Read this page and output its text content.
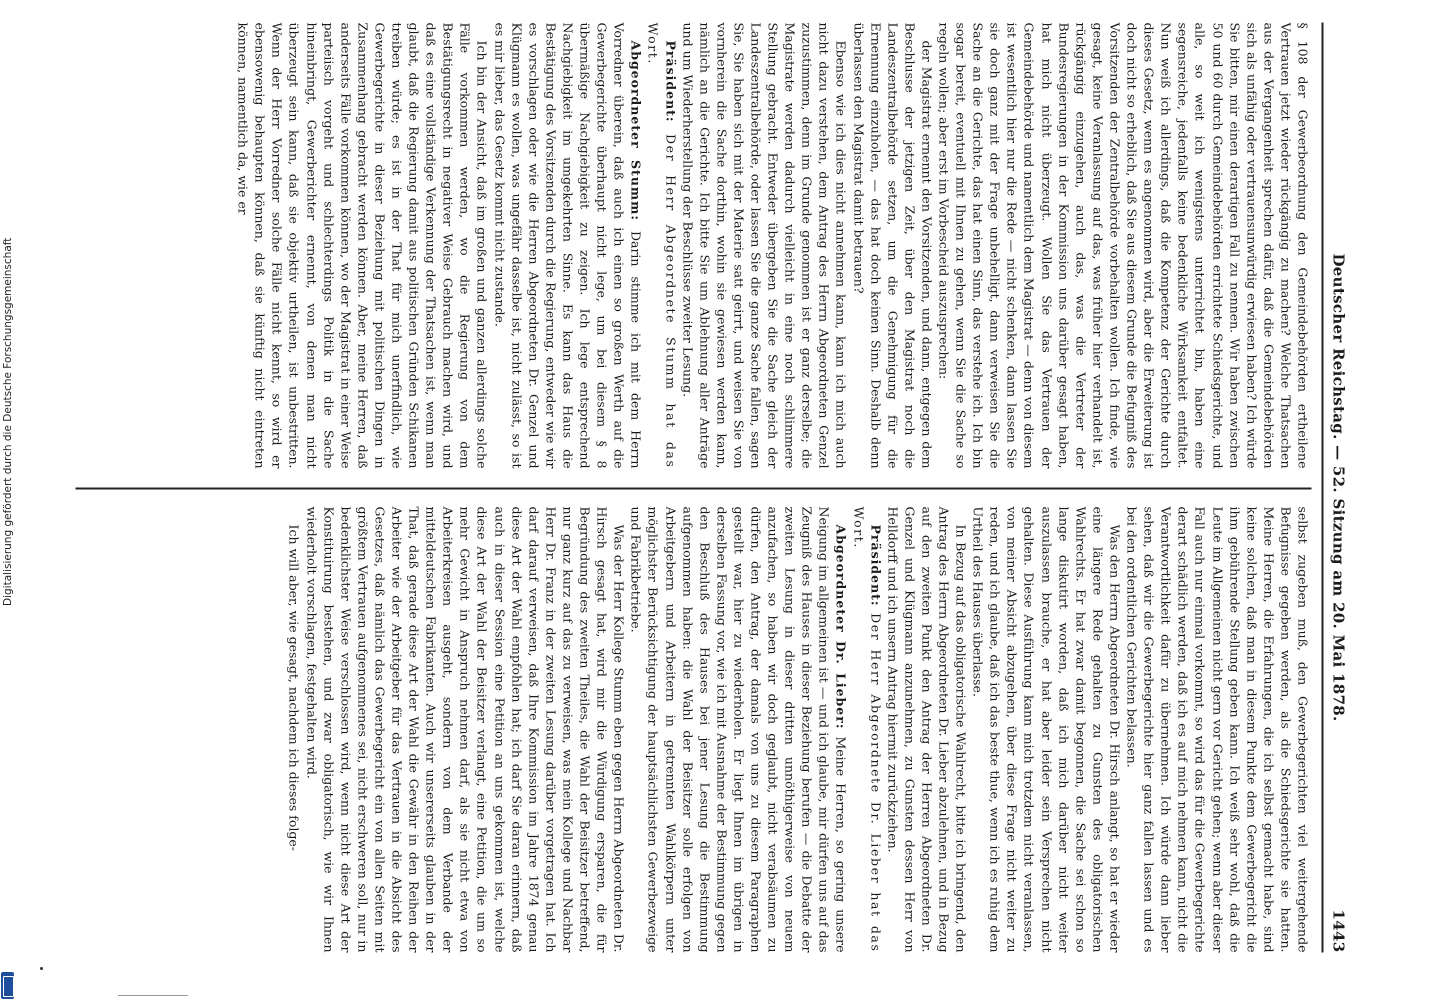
Digitalisierung gefördert durch die Deutsche Forschungsgemeinschaft	Deutscher Reichstag. — 52. Sitzung am 20. Mai 1878.
1443

§ 108 der Gewerbeordnung den Gemeindebehörden ertheilene Vertrauen jetzt wieder rückgängig zu machen? Welche Thatsachen aus der Vergangenheit sprechen dafür, daß die Gemeindebehörden sich als unfähig oder vertrauensunwürdig erwiesen haben? Ich würde Sie bitten, mir einen derartigen Fall zu nennen. Wir haben zwischen 50 und 60 durch Gemeindebehörden errichtete Schiedsgerichte, und alle, so weit ich wenigstens unterrichtet bin, haben eine segensreiche, jedenfalls keine bedenkliche Wirksamkeit entfaltet. Nun weiß ich allerdings, daß die Kompetenz der Gerichte durch dieses Gesetz, wenn es angenommen wird, aber die Erweiterung ist doch nicht so erheblich, daß Sie aus diesem Grunde die Befugniß des Vorsitzenden der Zentralbehörde vorbehalten wollen. Ich finde, wie gesagt, keine Veranlassung auf das, was früher hier verhandelt ist, rückgängig einzugehen, auch das, was die Vertreter der Bundesregierungen in der Kommission uns darüber gesagt haben, hat mich nicht überzeugt. Wollen Sie das Vertrauen der Gemeindebehörde und namentlich dem Magistrat — denn von diesem ist wesentlich hier nur die Rede — nicht schenken, dann lassen Sie sie doch ganz mit der Frage unbehelligt, dann verweisen Sie die Sache an die Gerichte, das hat einen Sinn, das verstehe ich. Ich bin sogar bereit, eventuell mit Ihnen zu gehen, wenn Sie die Sache so regeln wollen; aber erst im Vorbescheid auszusprechen:

der Magistrat ernennt den Vorsitzenden, und dann, entgegen dem Beschlusse der jetzigen Zeit, über den Magistrat noch die Landeszentralbehörde setzen, um die Genehmigung für die Ernennung einzuholen, — das hat doch keinen Sinn. Deshalb denn überlassen den Magistrat damit betrauen?

Ebenso wie ich dies nicht annehmen kann, kann ich mich auch nicht dazu verstehen, dem Antrag des Herrn Abgeordneten Genzel zuzustimmen, denn im Grunde genommen ist er ganz derselbe; die Magistrate werden dadurch vielleicht in eine noch schlimmere Stellung gebracht. Entweder übergeben Sie die Sache gleich der Landeszentralbehörde, oder lassen Sie die ganze Sache fallen, sagen Sie, Sie haben sich mit der Materie satt geirrt, und weisen Sie von vornherein die Sache dorthin, wohin sie gewiesen werden kann, nämlich an die Gerichte. Ich bitte Sie um Ablehnung aller Anträge und um Wiederherstellung der Beschlüsse zweiter Lesung.

Präsident: Der Herr Abgeordnete Stumm hat das Wort.

Abgeordneter Stumm: Darin stimme ich mit dem Herrn Vorredner überein, daß auch ich einen so großen Werth auf die Gewerbegerichte überhaupt nicht lege, um bei diesem § 8 übermäßige Nachgiebigkeit zu zeigen. Ich lege entsprechend Nachgiebigkeit im umgekehrten Sinne. Es kann das Haus die Bestätigung des Vorsitzenden durch die Regierung, entweder wie wir es vorschlagen oder wie die Herren Abgeordneten Dr. Genzel und Klügmann es wollen, was ungefähr dasselbe ist, nicht zulässt, so ist es mir lieber, das Gesetz kommt nicht zustande.

Ich bin der Ansicht, daß im großen und ganzen allerdings solche Fälle vorkommen werden, wo die Regierung von dem Bestätigungsrecht in negativer Weise Gebrauch machen wird, und daß es eine vollständige Verkennung der Thatsachen ist, wenn man glaubt, daß die Regierung damit aus politischen Gründen Schikanen treiben würde; es ist in der That für mich unerfindlich, wie Gewerbegerichte in dieser Beziehung mit politischen Dingen in Zusammenhang gebracht werden können. Aber, meine Herren, daß anderseits Fälle vorkommen können, wo der Magistrat in einer Weise parteiisch vorgeht und schlechterdings Politik in die Sache hineinbringt, Gewerberichter ernennt, von denen man nicht überzeugt sein kann, daß sie objektiv urtheilen, ist unbestritten. Wenn der Herr Vorredner solche Fälle nicht kennt, so wird er ebensowenig behaupten können, daß sie künftig nicht eintreten können, namentlich da, wie er

selbst zugeben muß, den Gewerbegerichten viel weitergehende Befugnisse gegeben werden, als die Schiedsgerichte sie hatten. Meine Herren, die Erfahrungen, die ich selbst gemacht habe, sind keine solchen, daß man in diesem Punkte dem Gewerbegericht die ihm gebührende Stellung geben kann. Ich weiß sehr wohl, daß die Leute im Allgemeinen nicht gern vor Gericht gehen; wenn aber dieser Fall auch nur einmal vorkommt, so wird das für die Gewerbegerichte derart schädlich werden, daß ich es auf mich nehmen kann, nicht die Verantwortlichkeit dafür zu übernehmen. Ich würde dann lieber sehen, daß wir die Gewerbegerichte hier ganz fallen lassen und es bei den ordentlichen Gerichten belassen.

Was den Herrn Abgeordneten Dr. Hirsch anlangt, so hat er wieder eine längere Rede gehalten zu Gunsten des obligatorischen Wahlrechts. Er hat zwar damit begonnen, die Sache sei schon so lange diskutirt worden, daß ich mich darüber nicht weiter auszulassen brauche, er hat aber leider sein Versprechen nicht gehalten. Diese Ausführung kann mich trotzdem nicht veranlassen, von meiner Absicht abzugehen, über diese Frage nicht weiter zu reden, und ich glaube, daß ich das beste thue, wenn ich es ruhig dem Urtheil des Hauses überlasse.

In Bezug auf das obligatorische Wahlrecht, bitte ich bringend, den Antrag des Herrn Abgeordneten Dr. Lieber abzulehnen, und in Bezug auf den zweiten Punkt den Antrag der Herren Abgeordneten Dr. Genzel und Klügmann anzunehmen, zu Gunsten dessen Herr von Helldorff und ich unsern Antrag hiermit zurückziehen.

Präsident: Der Herr Abgeordnete Dr. Lieber hat das Wort.

Abgeordneter Dr. Lieber: Meine Herren, so gering unsere Neigung im allgemeinen ist — und ich glaube, mir dürfen uns auf das Zeugniß des Hauses in dieser Beziehung berufen — die Debatte der zweiten Lesung in dieser dritten unnöthigerweise von neuem anzufachen, so haben wir doch geglaubt, nicht verabsäumen zu dürfen, den Antrag, der damals von uns zu diesem Paragraphen gestellt war, hier zu wiederholen. Er liegt Ihnen im übrigen in derselben Fassung vor, wie ich mit Ausnahme der Bestimmung gegen den Beschluß des Hauses bei jener Lesung die Bestimmung aufgenommen haben: die Wahl der Beisitzer solle erfolgen von Arbeitgebern und Arbeitern in getrennten Wahlkörpern unter möglichster Berücksichtigung der hauptsächlichsten Gewerbezweige und Fabrikbetriebe.

Was der Herr Kollege Stumm eben gegen Herrn Abgeordneten Dr. Hirsch gesagt hat, wird mir die Würdigung ersparen, die für Begründung des zweiten Theiles, die Wahl der Beisitzer betreffend, nur ganz kurz auf das zu verweisen, was mein Kollege und Nachbar Herr Dr. Franz in der zweiten Lesung darüber vorgetragen hat. Ich darf darauf verweisen, daß Ihre Kommission im Jahre 1874 genau diese Art der Wahl empfohlen hat; ich darf Sie daran erinnern, daß auch in dieser Session eine Petition an uns gekommen ist, welche diese Art der Wahl der Beisitzer verlangt, eine Petition, die um so mehr Gewicht in Anspruch nehmen darf, als sie nicht etwa von Arbeiterkreisen ausgeht, sondern von dem Verbande der mitteldeutschen Fabrikanten. Auch wir unsererseits glauben in der That, daß gerade diese Art der Wahl die Gewähr in den Reihen der Arbeiter wie der Arbeitgeber für das Vertrauen in die Absicht des Gesetzes, daß nämlich das Gewerbegericht ein von allen Seiten mit größtem Vertrauen aufgenommenes sei, nicht erschweren soll, nur in bedenklichster Weise verschlossen wird, wenn nicht diese Art der Konstituirung bestehen, und zwar obligatorisch, wie wir Ihnen wiederholt vorschlagen, festgehalten wird.

Ich will aber, wie gesagt, nachdem ich dieses folge-
